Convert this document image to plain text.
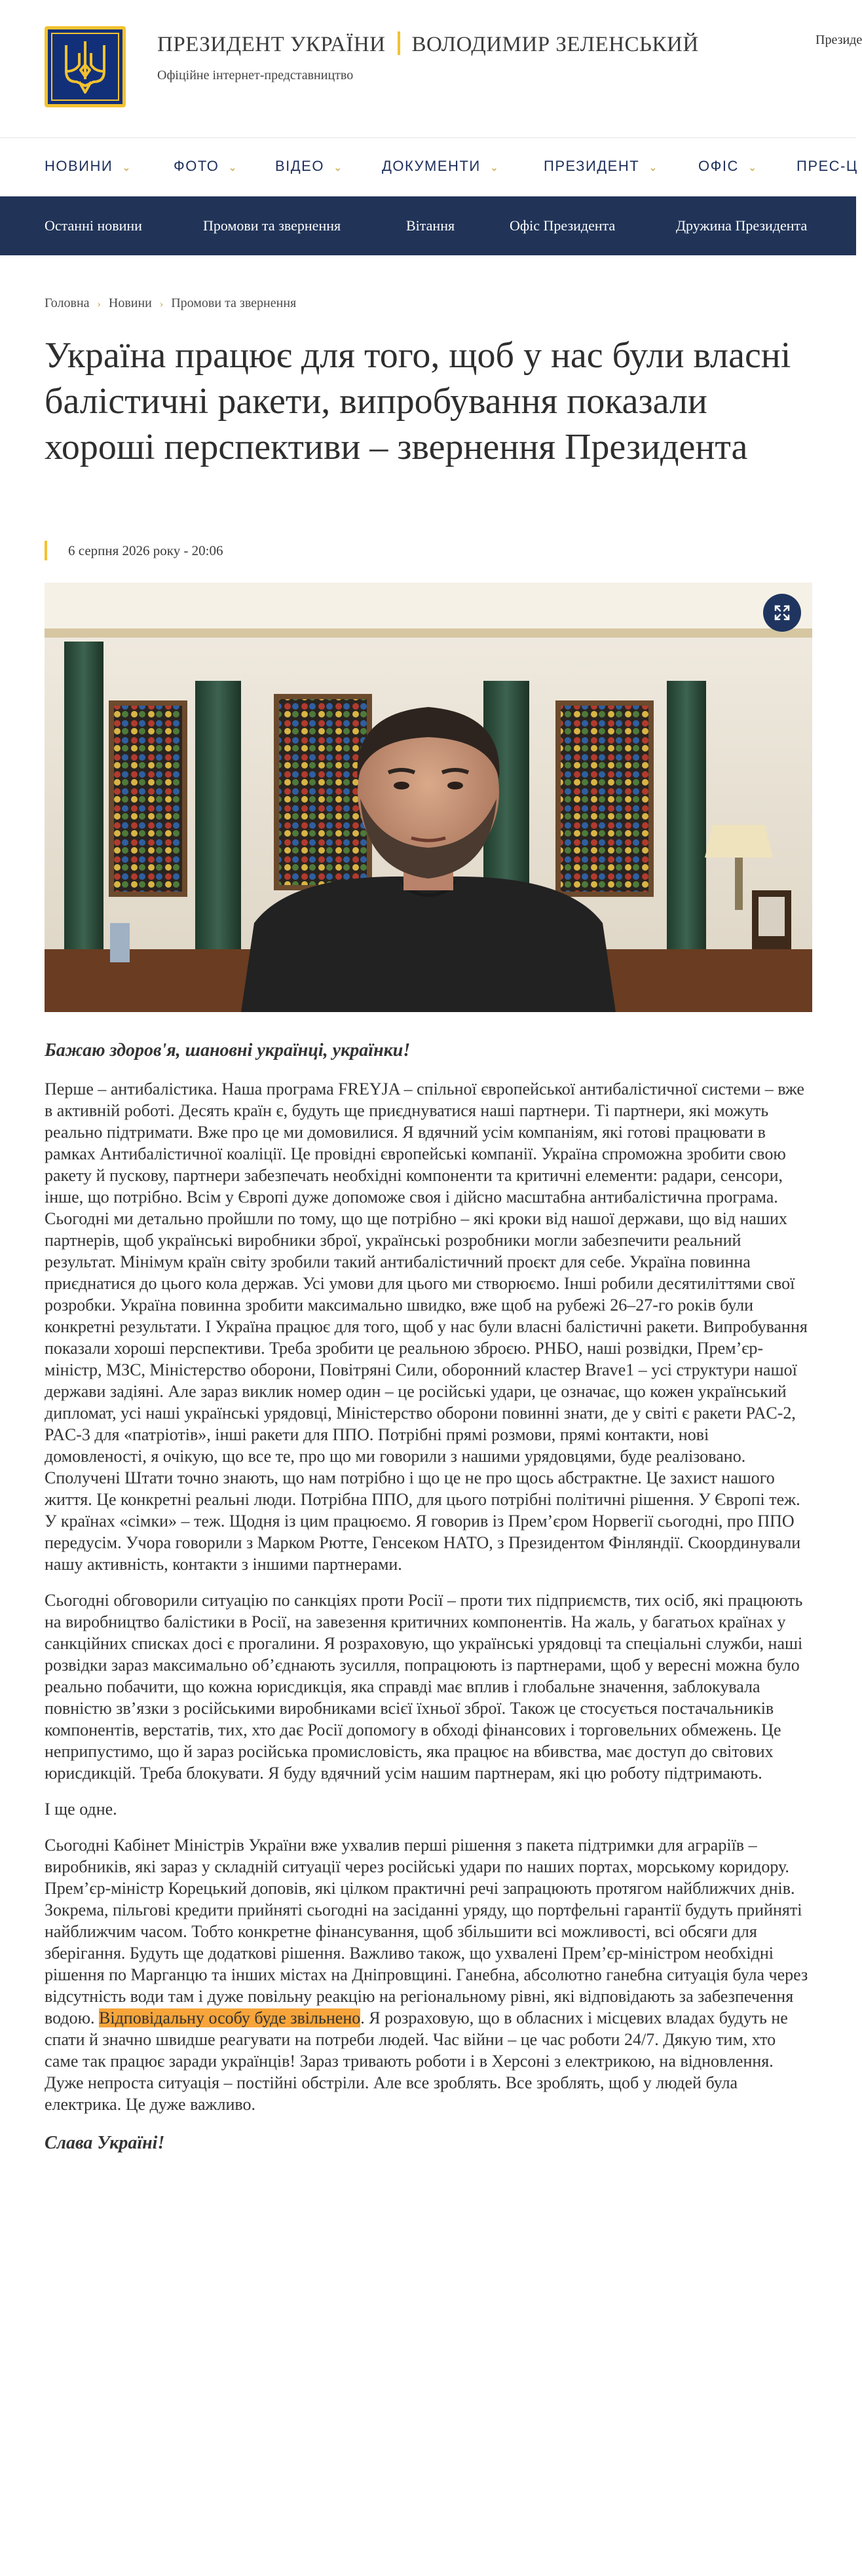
ПРЕЗИДЕНТ УКРАЇНИ ВОЛОДИМИР ЗЕЛЕНСЬКИЙ
Офіційне інтернет-представництво
Президе
НОВИНИ ⌄	ФОТО ⌄	ВІДЕО ⌄	ДОКУМЕНТИ ⌄	ПРЕЗИДЕНТ ⌄	ОФІС ⌄	ПРЕС-Ц
Останні новини	Промови та звернення	Вітання	Офіс Президента	Дружина Президента
Головна › Новини › Промови та звернення
Україна працює для того, щоб у нас були власні балістичні ракети, випробування показали хороші перспективи – звернення Президента
6 серпня 2026 року - 20:06

Бажаю здоров'я, шановні українці, українки!

Перше – антибалістика. Наша програма FREYJA – спільної європейської антибалістичної системи – вже в активній роботі. Десять країн є, будуть ще приєднуватися наші партнери. Ті партнери, які можуть реально підтримати. Вже про це ми домовилися. Я вдячний усім компаніям, які готові працювати в рамках Антибалістичної коаліції. Це провідні європейські компанії. Україна спроможна зробити свою ракету й пускову, партнери забезпечать необхідні компоненти та критичні елементи: радари, сенсори, інше, що потрібно. Всім у Європі дуже допоможе своя і дійсно масштабна антибалістична програма. Сьогодні ми детально пройшли по тому, що ще потрібно – які кроки від нашої держави, що від наших партнерів, щоб українські виробники зброї, українські розробники могли забезпечити реальний результат. Мінімум країн світу зробили такий антибалістичний проєкт для себе. Україна повинна приєднатися до цього кола держав. Усі умови для цього ми створюємо. Інші робили десятиліттями свої розробки. Україна повинна зробити максимально швидко, вже щоб на рубежі 26–27-го років були конкретні результати. І Україна працює для того, щоб у нас були власні балістичні ракети. Випробування показали хороші перспективи. Треба зробити це реальною зброєю. РНБО, наші розвідки, Прем’єр-міністр, МЗС, Міністерство оборони, Повітряні Сили, оборонний кластер Brave1 – усі структури нашої держави задіяні. Але зараз виклик номер один – це російські удари, це означає, що кожен український дипломат, усі наші українські урядовці, Міністерство оборони повинні знати, де у світі є ракети PAC-2, PAC-3 для «патріотів», інші ракети для ППО. Потрібні прямі розмови, прямі контакти, нові домовленості, я очікую, що все те, про що ми говорили з нашими урядовцями, буде реалізовано. Сполучені Штати точно знають, що нам потрібно і що це не про щось абстрактне. Це захист нашого життя. Це конкретні реальні люди. Потрібна ППО, для цього потрібні політичні рішення. У Європі теж. У країнах «сімки» – теж. Щодня із цим працюємо. Я говорив із Прем’єром Норвегії сьогодні, про ППО передусім. Учора говорили з Марком Рютте, Генсеком НАТО, з Президентом Фінляндії. Скоординували нашу активність, контакти з іншими партнерами.

Сьогодні обговорили ситуацію по санкціях проти Росії – проти тих підприємств, тих осіб, які працюють на виробництво балістики в Росії, на завезення критичних компонентів. На жаль, у багатьох країнах у санкційних списках досі є прогалини. Я розраховую, що українські урядовці та спеціальні служби, наші розвідки зараз максимально об’єднають зусилля, попрацюють із партнерами, щоб у вересні можна було реально побачити, що кожна юрисдикція, яка справді має вплив і глобальне значення, заблокувала повністю зв’язки з російськими виробниками всієї їхньої зброї. Також це стосується постачальників компонентів, верстатів, тих, хто дає Росії допомогу в обході фінансових і торговельних обмежень. Це неприпустимо, що й зараз російська промисловість, яка працює на вбивства, має доступ до світових юрисдикцій. Треба блокувати. Я буду вдячний усім нашим партнерам, які цю роботу підтримають.

І ще одне.

Сьогодні Кабінет Міністрів України вже ухвалив перші рішення з пакета підтримки для аграріїв – виробників, які зараз у складній ситуації через російські удари по наших портах, морському коридору. Прем’єр-міністр Корецький доповів, які цілком практичні речі запрацюють протягом найближчих днів. Зокрема, пільгові кредити прийняті сьогодні на засіданні уряду, що портфельні гарантії будуть прийняті найближчим часом. Тобто конкретне фінансування, щоб збільшити всі можливості, всі обсяги для зберігання. Будуть ще додаткові рішення. Важливо також, що ухвалені Прем’єр-міністром необхідні рішення по Марганцю та інших містах на Дніпровщині. Ганебна, абсолютно ганебна ситуація була через відсутність води там і дуже повільну реакцію на регіональному рівні, які відповідають за забезпечення водою. Відповідальну особу буде звільнено. Я розраховую, що в обласних і місцевих владах будуть не спати й значно швидше реагувати на потреби людей. Час війни – це час роботи 24/7. Дякую тим, хто саме так працює заради українців! Зараз тривають роботи і в Херсоні з електрикою, на відновлення. Дуже непроста ситуація – постійні обстріли. Але все зроблять. Все зроблять, щоб у людей була електрика. Це дуже важливо.

Слава Україні!
